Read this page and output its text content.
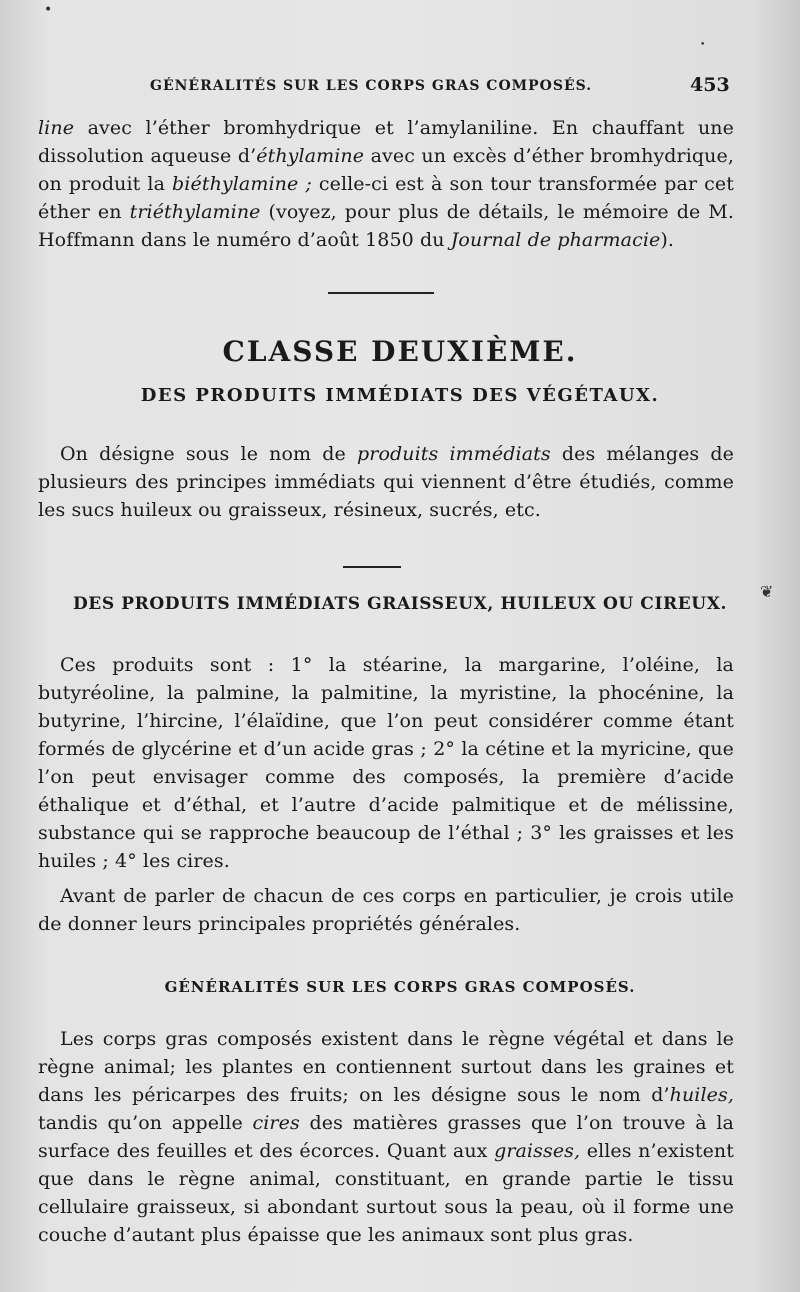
GÉNÉRALITÉS SUR LES CORPS GRAS COMPOSÉS.	453

line avec l’éther bromhydrique et l’amylaniline. En chauffant une dissolution aqueuse d’éthylamine avec un excès d’éther bromhydrique, on produit la biéthylamine ; celle-ci est à son tour transformée par cet éther en triéthylamine (voyez, pour plus de détails, le mémoire de M. Hoffmann dans le numéro d’août 1850 du Journal de pharmacie).

CLASSE DEUXIÈME.
DES PRODUITS IMMÉDIATS DES VÉGÉTAUX.

On désigne sous le nom de produits immédiats des mélanges de plusieurs des principes immédiats qui viennent d’être étudiés, comme les sucs huileux ou graisseux, résineux, sucrés, etc.

DES PRODUITS IMMÉDIATS GRAISSEUX, HUILEUX OU CIREUX.

Ces produits sont : 1° la stéarine, la margarine, l’oléine, la butyréoline, la palmine, la palmitine, la myristine, la phocénine, la butyrine, l’hircine, l’élaïdine, que l’on peut considérer comme étant formés de glycérine et d’un acide gras ; 2° la cétine et la myricine, que l’on peut envisager comme des composés, la première d’acide éthalique et d’éthal, et l’autre d’acide palmitique et de mélissine, substance qui se rapproche beaucoup de l’éthal ; 3° les graisses et les huiles ; 4° les cires.

Avant de parler de chacun de ces corps en particulier, je crois utile de donner leurs principales propriétés générales.

GÉNÉRALITÉS SUR LES CORPS GRAS COMPOSÉS.

Les corps gras composés existent dans le règne végétal et dans le règne animal; les plantes en contiennent surtout dans les graines et dans les péricarpes des fruits; on les désigne sous le nom d’huiles, tandis qu’on appelle cires des matières grasses que l’on trouve à la surface des feuilles et des écorces. Quant aux graisses, elles n’existent que dans le règne animal, constituant, en grande partie le tissu cellulaire graisseux, si abondant surtout sous la peau, où il forme une couche d’autant plus épaisse que les animaux sont plus gras.

•
•
❦
